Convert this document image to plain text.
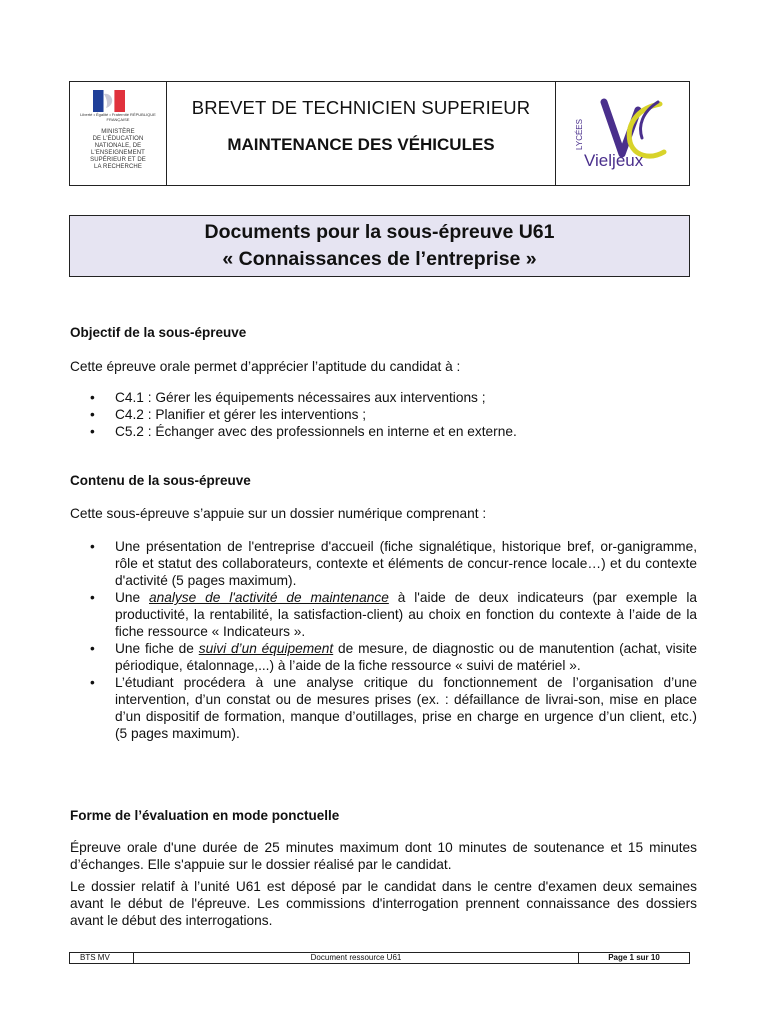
Liberté • Égalité • Fraternité RÉPUBLIQUE FRANÇAISE
MINISTÈRE
DE L'ÉDUCATION
NATIONALE, DE
L'ENSEIGNEMENT
SUPÉRIEUR ET DE
LA RECHERCHE
BREVET DE TECHNICIEN SUPERIEUR
MAINTENANCE DES VÉHICULES	LYCÉES
Vieljeux
Documents pour la sous-épreuve U61
« Connaissances de l’entreprise »
Objectif de la sous-épreuve
Cette épreuve orale permet d’apprécier l’aptitude du candidat à :
• C4.1 : Gérer les équipements nécessaires aux interventions ;
• C4.2 : Planifier et gérer les interventions ;
• C5.2 : Échanger avec des professionnels en interne et en externe.
Contenu de la sous-épreuve
Cette sous-épreuve s’appuie sur un dossier numérique comprenant :
• Une présentation de l'entreprise d'accueil (fiche signalétique, historique bref, or-ganigramme, rôle et statut des collaborateurs, contexte et éléments de concur-rence locale…) et du contexte d'activité (5 pages maximum).
• Une analyse de l'activité de maintenance à l'aide de deux indicateurs (par exemple la productivité, la rentabilité, la satisfaction-client) au choix en fonction du contexte à l’aide de la fiche ressource « Indicateurs ».
• Une fiche de suivi d’un équipement de mesure, de diagnostic ou de manutention (achat, visite périodique, étalonnage,...) à l’aide de la fiche ressource « suivi de matériel ».
• L’étudiant procédera à une analyse critique du fonctionnement de l’organisation d’une intervention, d’un constat ou de mesures prises (ex. : défaillance de livrai-son, mise en place d’un dispositif de formation, manque d’outillages, prise en charge en urgence d’un client, etc.) (5 pages maximum).
Forme de l’évaluation en mode ponctuelle
Épreuve orale d'une durée de 25 minutes maximum dont 10 minutes de soutenance et 15 minutes d’échanges. Elle s'appuie sur le dossier réalisé par le candidat.
Le dossier relatif à l’unité U61 est déposé par le candidat dans le centre d'examen deux semaines avant le début de l'épreuve. Les commissions d'interrogation prennent connaissance des dossiers avant le début des interrogations.
BTS MV	Document ressource U61	Page 1 sur 10
